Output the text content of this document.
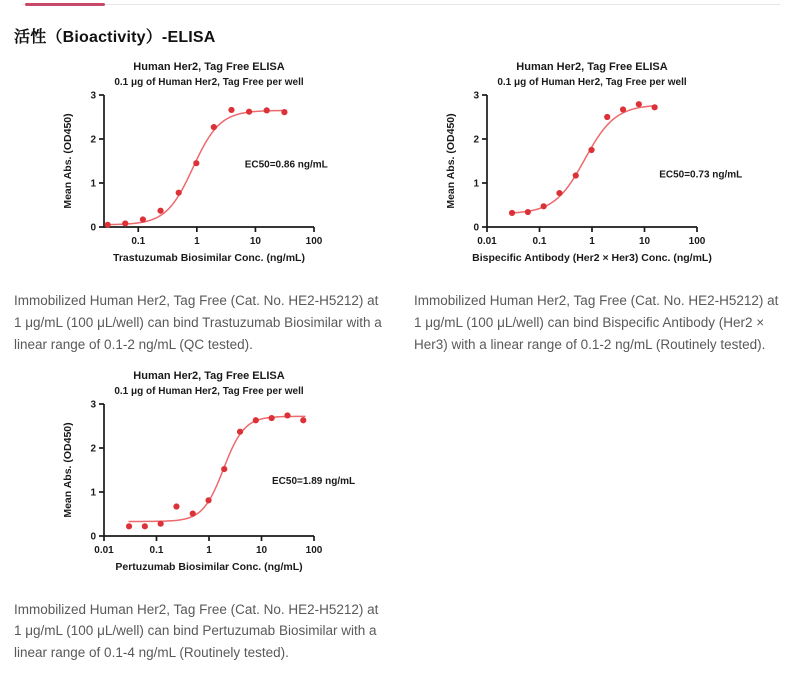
活性（Bioactivity）-ELISA
Human Her2, Tag Free ELISA
0.1 μg of Human Her2, Tag Free per well
0
1
2
3
0.1	1	10	100
Trastuzumab Biosimilar Conc. (ng/mL)
Mean Abs. (OD450)	EC50=0.86 ng/mL

Immobilized Human Her2, Tag Free (Cat. No. HE2-H5212) at 1 μg/mL (100 μL/well) can bind Trastuzumab Biosimilar with a linear range of 0.1-2 ng/mL (QC tested).

Human Her2, Tag Free ELISA
0.1 μg of Human Her2, Tag Free per well
0
1
2
3
0.01	0.1	1	10	100
Bispecific Antibody (Her2 × Her3) Conc. (ng/mL)
Mean Abs. (OD450)	EC50=0.73 ng/mL

Immobilized Human Her2, Tag Free (Cat. No. HE2-H5212) at 1 μg/mL (100 μL/well) can bind Bispecific Antibody (Her2 × Her3) with a linear range of 0.1-2 ng/mL (Routinely tested).

Human Her2, Tag Free ELISA
0.1 μg of Human Her2, Tag Free per well
0
1
2
3
0.01	0.1	1	10	100
Pertuzumab Biosimilar Conc. (ng/mL)
Mean Abs. (OD450)	EC50=1.89 ng/mL

Immobilized Human Her2, Tag Free (Cat. No. HE2-H5212) at 1 μg/mL (100 μL/well) can bind Pertuzumab Biosimilar with a linear range of 0.1-4 ng/mL (Routinely tested).
